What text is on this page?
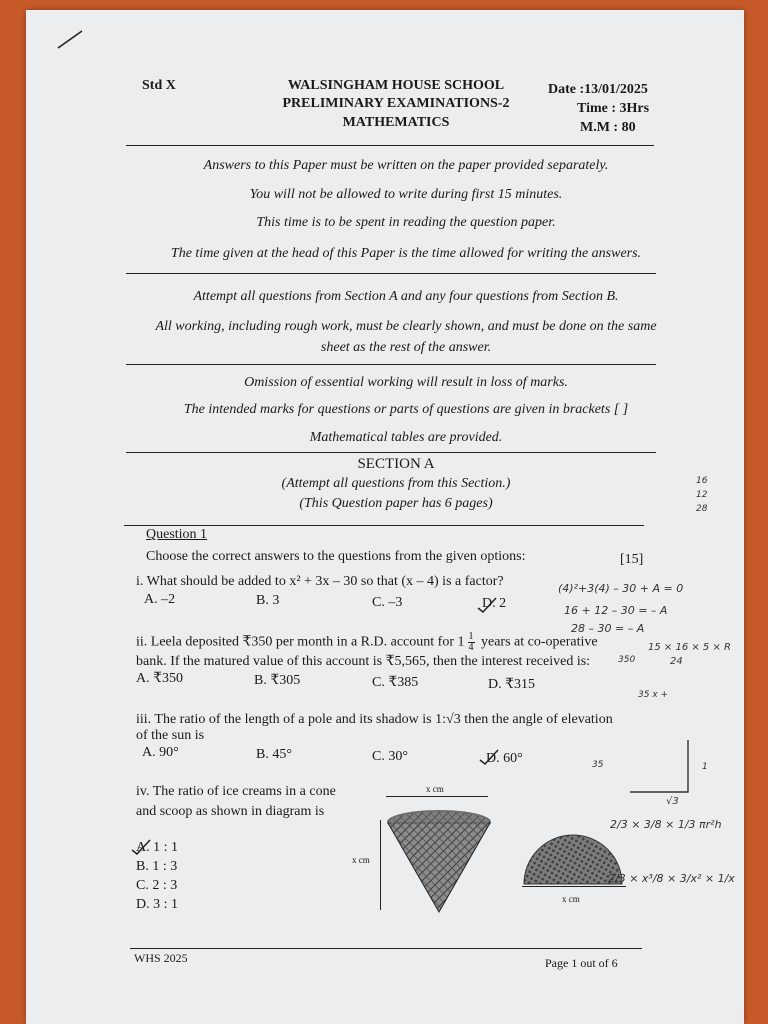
Std X	WALSINGHAM HOUSE SCHOOL
PRELIMINARY EXAMINATIONS-2
MATHEMATICS
Date :13/01/2025
Time : 3Hrs
M.M : 80
Answers to this Paper must be written on the paper provided separately.
You will not be allowed to write during first 15 minutes.
This time is to be spent in reading the question paper.
The time given at the head of this Paper is the time allowed for writing the answers.
Attempt all questions from Section A and any four questions from Section B.
All working, including rough work, must be clearly shown, and must be done on the same
sheet as the rest of the answer.
Omission of essential working will result in loss of marks.
The intended marks for questions or parts of questions are given in brackets [ ]
Mathematical tables are provided.
SECTION A
(Attempt all questions from this Section.)
(This Question paper has 6 pages)
Question 1
Choose the correct answers to the questions from the given options:	[15]
i. What should be added to x² + 3x – 30 so that (x – 4) is a factor?
A. –2	B. 3	C. –3	D. 2
ii. Leela deposited ₹350 per month in a R.D. account for $1 \frac{1}{4}$ years at co-operative
bank. If the matured value of this account is ₹5,565, then the interest received is:
A. ₹350	B. ₹305	C. ₹385	D. ₹315
iii. The ratio of the length of a pole and its shadow is 1:√3 then the angle of elevation
of the sun is
A. 90°	B. 45°	C. 30°	D. 60°
iv. The ratio of ice creams in a cone
and scoop as shown in diagram is
A. 1 : 1
B. 1 : 3
C. 2 : 3
D. 3 : 1
x cm
x cm
x cm
WHS 2025	Page 1 out of 6
16
12
28
(4)²+3(4) – 30 + A = 0
16 + 12 – 30 = – A
28 – 30 = – A
15 × 16 × 5 × R
24
350
35 x +
35	1
√3
2/3 × 3/8 × 1/3 πr²h
2/3 × x³/8 × 3/x² × 1/x
